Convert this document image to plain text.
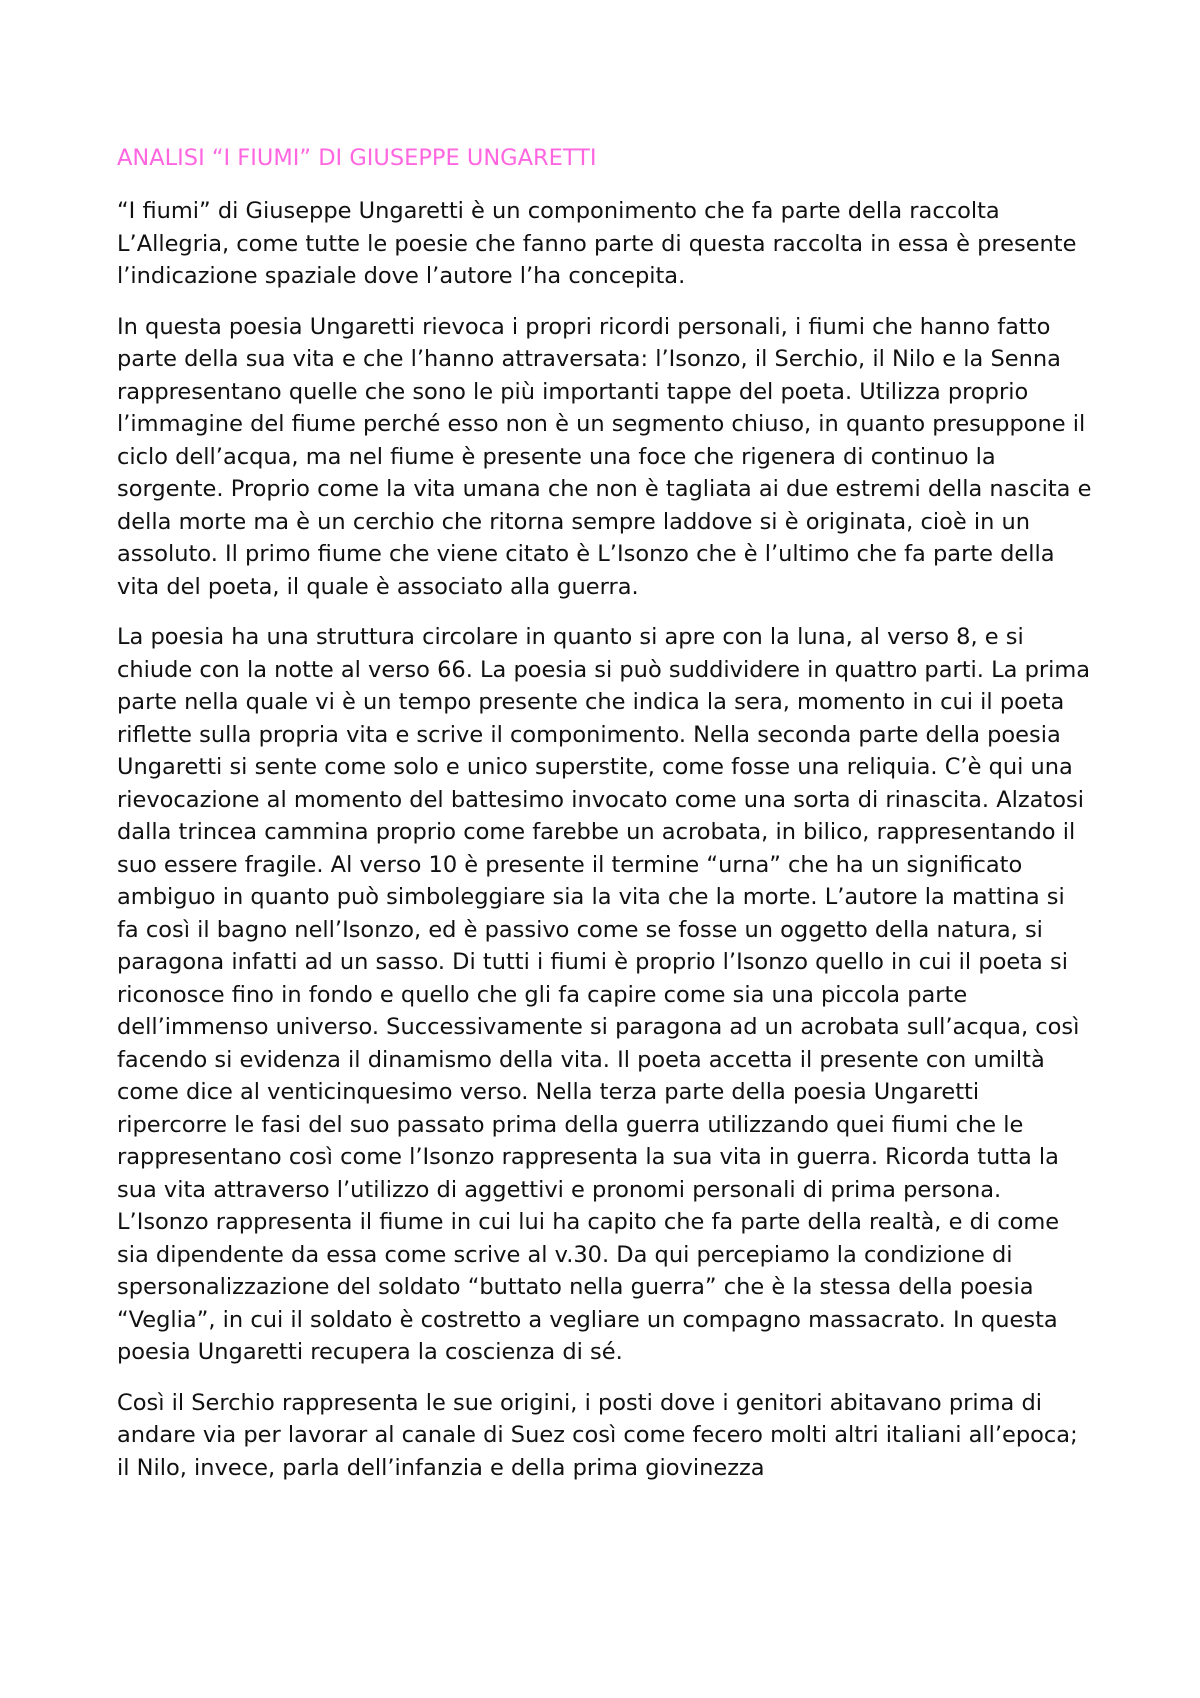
ANALISI “I FIUMI” DI GIUSEPPE UNGARETTI

“I fiumi” di Giuseppe Ungaretti è un componimento che fa parte della raccolta L’Allegria, come tutte le poesie che fanno parte di questa raccolta in essa è presente l’indicazione spaziale dove l’autore l’ha concepita.

In questa poesia Ungaretti rievoca i propri ricordi personali, i fiumi che hanno fatto parte della sua vita e che l’hanno attraversata: l’Isonzo, il Serchio, il Nilo e la Senna rappresentano quelle che sono le più importanti tappe del poeta. Utilizza proprio l’immagine del fiume perché esso non è un segmento chiuso, in quanto presuppone il ciclo dell’acqua, ma nel fiume è presente una foce che rigenera di continuo la sorgente. Proprio come la vita umana che non è tagliata ai due estremi della nascita e della morte ma è un cerchio che ritorna sempre laddove si è originata, cioè in un assoluto. Il primo fiume che viene citato è L’Isonzo che è l’ultimo che fa parte della vita del poeta, il quale è associato alla guerra.

La poesia ha una struttura circolare in quanto si apre con la luna, al verso 8, e si chiude con la notte al verso 66. La poesia si può suddividere in quattro parti. La prima parte nella quale vi è un tempo presente che indica la sera, momento in cui il poeta riflette sulla propria vita e scrive il componimento. Nella seconda parte della poesia Ungaretti si sente come solo e unico superstite, come fosse una reliquia. C’è qui una rievocazione al momento del battesimo invocato come una sorta di rinascita. Alzatosi dalla trincea cammina proprio come farebbe un acrobata, in bilico, rappresentando il suo essere fragile. Al verso 10 è presente il termine “urna” che ha un significato ambiguo in quanto può simboleggiare sia la vita che la morte. L’autore la mattina si fa così il bagno nell’Isonzo, ed è passivo come se fosse un oggetto della natura, si paragona infatti ad un sasso. Di tutti i fiumi è proprio l’Isonzo quello in cui il poeta si riconosce fino in fondo e quello che gli fa capire come sia una piccola parte dell’immenso universo. Successivamente si paragona ad un acrobata sull’acqua, così facendo si evidenza il dinamismo della vita. Il poeta accetta il presente con umiltà come dice al venticinquesimo verso. Nella terza parte della poesia Ungaretti ripercorre le fasi del suo passato prima della guerra utilizzando quei fiumi che le rappresentano così come l’Isonzo rappresenta la sua vita in guerra. Ricorda tutta la sua vita attraverso l’utilizzo di aggettivi e pronomi personali di prima persona. L’Isonzo rappresenta il fiume in cui lui ha capito che fa parte della realtà, e di come sia dipendente da essa come scrive al v.30. Da qui percepiamo la condizione di spersonalizzazione del soldato “buttato nella guerra” che è la stessa della poesia “Veglia”, in cui il soldato è costretto a vegliare un compagno massacrato. In questa poesia Ungaretti recupera la coscienza di sé.

Così il Serchio rappresenta le sue origini, i posti dove i genitori abitavano prima di andare via per lavorar al canale di Suez così come fecero molti altri italiani all’epoca; il Nilo, invece, parla dell’infanzia e della prima giovinezza
